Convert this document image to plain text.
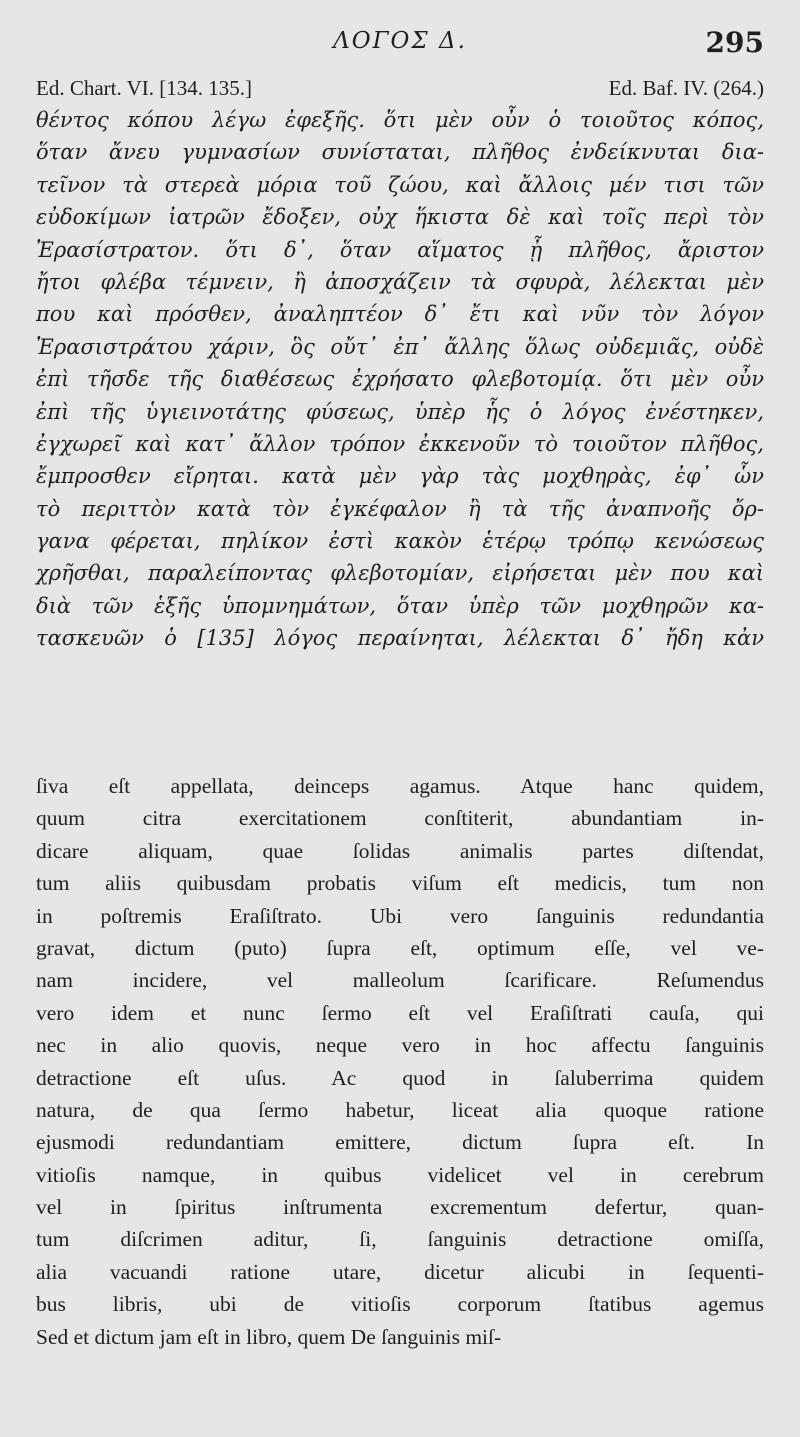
ΛΟΓΟΣ Δ.	295
Ed. Chart. VI. [134. 135.]	Ed. Baf. IV. (264.)
θέντος κόπου λέγω ἐφεξῆς. ὅτι μὲν οὖν ὁ τοιοῦτος κόπος,
ὅταν ἄνευ γυμνασίων συνίσταται, πλῆθος ἐνδείκνυται δια-
τεῖνον τὰ στερεὰ μόρια τοῦ ζώου, καὶ ἄλλοις μέν τισι τῶν
εὐδοκίμων ἰατρῶν ἔδοξεν, οὐχ ἥκιστα δὲ καὶ τοῖς περὶ τὸν
Ἐρασίστρατον. ὅτι δ᾽, ὅταν αἵματος ᾖ πλῆθος, ἄριστον
ἤτοι φλέβα τέμνειν, ἢ ἀποσχάζειν τὰ σφυρὰ, λέλεκται μὲν
που καὶ πρόσθεν, ἀναληπτέον δ᾽ ἔτι καὶ νῦν τὸν λόγον
Ἐρασιστράτου χάριν, ὃς οὔτ᾽ ἐπ᾽ ἄλλης ὅλως οὐδεμιᾶς, οὐδὲ
ἐπὶ τῆσδε τῆς διαθέσεως ἐχρήσατο φλεβοτομίᾳ. ὅτι μὲν οὖν
ἐπὶ τῆς ὑγιεινοτάτης φύσεως, ὑπὲρ ἧς ὁ λόγος ἐνέστηκεν,
ἐγχωρεῖ καὶ κατ᾽ ἄλλον τρόπον ἐκκενοῦν τὸ τοιοῦτον πλῆθος,
ἔμπροσθεν εἴρηται. κατὰ μὲν γὰρ τὰς μοχθηρὰς, ἐφ᾽ ὧν
τὸ περιττὸν κατὰ τὸν ἐγκέφαλον ἢ τὰ τῆς ἀναπνοῆς ὄρ-
γανα φέρεται, πηλίκον ἐστὶ κακὸν ἑτέρῳ τρόπῳ κενώσεως
χρῆσθαι, παραλείποντας φλεβοτομίαν, εἰρήσεται μὲν που καὶ
διὰ τῶν ἑξῆς ὑπομνημάτων, ὅταν ὑπὲρ τῶν μοχθηρῶν κα-
τασκευῶν ὁ [135] λόγος περαίνηται, λέλεκται δ᾽ ἤδη κἀν
ſiva eſt appellata, deinceps agamus. Atque hanc quidem,
quum citra exercitationem conſtiterit, abundantiam in-
dicare aliquam, quae ſolidas animalis partes diſtendat,
tum aliis quibusdam probatis viſum eſt medicis, tum non
in poſtremis Eraſiſtrato. Ubi vero ſanguinis redundantia
gravat, dictum (puto) ſupra eſt, optimum eſſe, vel ve-
nam incidere, vel malleolum ſcarificare. Reſumendus
vero idem et nunc ſermo eſt vel Eraſiſtrati cauſa, qui
nec in alio quovis, neque vero in hoc affectu ſanguinis
detractione eſt uſus. Ac quod in ſaluberrima quidem
natura, de qua ſermo habetur, liceat alia quoque ratione
ejusmodi redundantiam emittere, dictum ſupra eſt. In
vitioſis namque, in quibus videlicet vel in cerebrum
vel in ſpiritus inſtrumenta excrementum defertur, quan-
tum diſcrimen aditur, ſi, ſanguinis detractione omiſſa,
alia vacuandi ratione utare, dicetur alicubi in ſequenti-
bus libris, ubi de vitioſis corporum ſtatibus agemus
Sed et dictum jam eſt in libro, quem De ſanguinis miſ-
